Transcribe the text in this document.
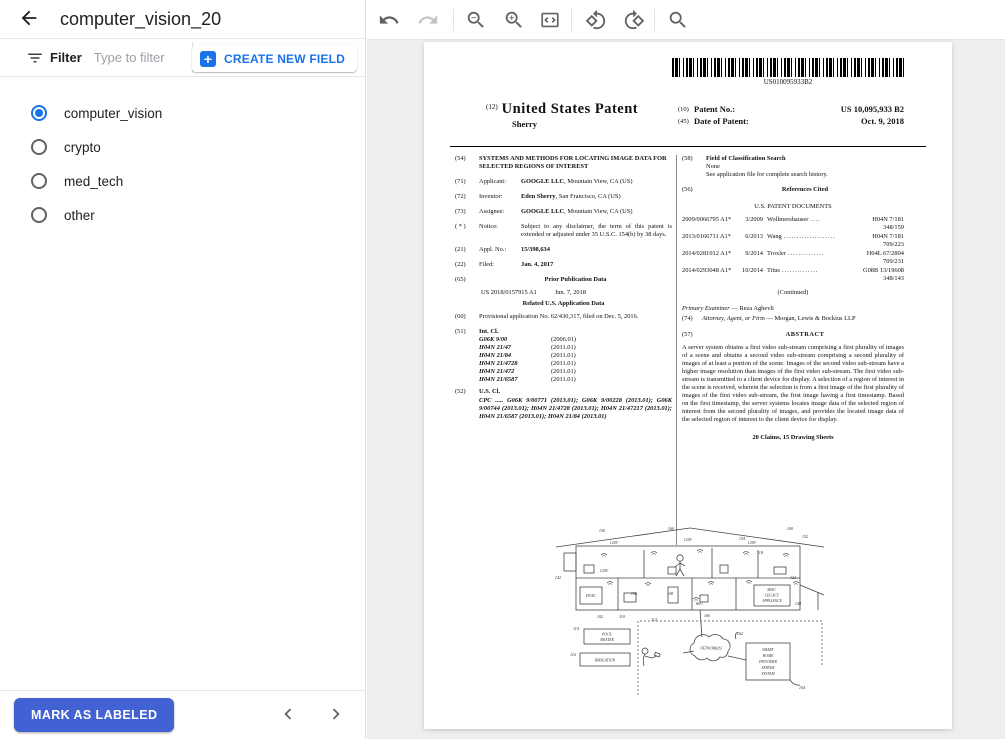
computer_vision_20
Filter
Type to filter	+ CREATE NEW FIELD
computer_vision
crypto
med_tech
other
MARK AS LABELED
US010095933B2
$^{(12)}$ United States Patent
Sherry
(10) Patent No.:	US 10,095,933 B2
(45) Date of Patent:	Oct. 9, 2018
(54)	SYSTEMS AND METHODS FOR LOCATING IMAGE DATA FOR SELECTED REGIONS OF INTEREST
(71)	Applicant:	GOOGLE LLC, Mountain View, CA (US)
(72)	Inventor:	Eden Sherry, San Francisco, CA (US)
(73)	Assignee:	GOOGLE LLC, Mountain View, CA (US)
( * )	Notice:	Subject to any disclaimer, the term of this patent is extended or adjusted under 35 U.S.C. 154(b) by 38 days.
(21)	Appl. No.:	15/398,634
(22)	Filed:	Jan. 4, 2017
(65)	Prior Publication Data
US 2018/0157915 A1	Jun. 7, 2018
Related U.S. Application Data
(60)	Provisional application No. 62/430,317, filed on Dec. 5, 2016.
(51)	Int. Cl.
G06K 9/00	(2006.01)
H04N 21/47	(2011.01)
H04N 21/84	(2011.01)
H04N 21/4728	(2011.01)
H04N 21/472	(2011.01)
H04N 21/6587	(2011.01)
(52)	U.S. Cl.
CPC ..... G06K 9/00771 (2013.01); G06K 9/00228 (2013.01); G06K 9/00744 (2013.01); H04N 21/4728 (2013.01); H04N 21/47217 (2013.01); H04N 21/6587 (2013.01); H04N 21/84 (2013.01)
(58)	Field of Classification Search
None
See application file for complete search history.
(56)	References Cited
U.S. PATENT DOCUMENTS
2009/0066795 A1*	3/2009 Wollmershauser ....	H04N 7/181
348/159
2013/0166711 A1*	6/2013 Wang ....................	H04N 7/181
709/223
2014/0281012 A1*	9/2014 Troxler ..............	H04L 67/2804
709/231
2014/0293048 A1*	10/2014 Titus ..............	G08B 13/19608
348/143
(Continued)
Primary Examiner — Reza Aghevli
(74)	Attorney, Agent, or Firm — Morgan, Lewis & Bockius LLP
(57)	ABSTRACT
A server system obtains a first video sub-stream comprising a first plurality of images of a scene and obtains a second video sub-stream comprising a second plurality of images of at least a portion of the scene. Images of the second video sub-stream have a higher image resolution than images of the first video sub-stream. The first video sub-stream is transmitted to a client device for display. A selection of a region of interest in the scene is received, wherein the selection is from a first image of the first plurality of images of the first video sub-stream, the first image having a first timestamp. Based on the first timestamp, the server systems locates image data of the selected region of interest from the second plurality of images, and provides the located image data of the selected region of interest to the client device for display.
20 Claims, 15 Drawing Sheets
HVAC
MISC.
LEGACY
APPLIANCE
POOL
HEATER
IRRIGATION
NETWORK(S)	SMART
HOME
PROVIDER
SERVER
SYSTEM
WiFi
120V
120V
120V
120V
150	160	100
152
154
142
118
122
140
106	108
102	110
112
160
114
116
162
164
